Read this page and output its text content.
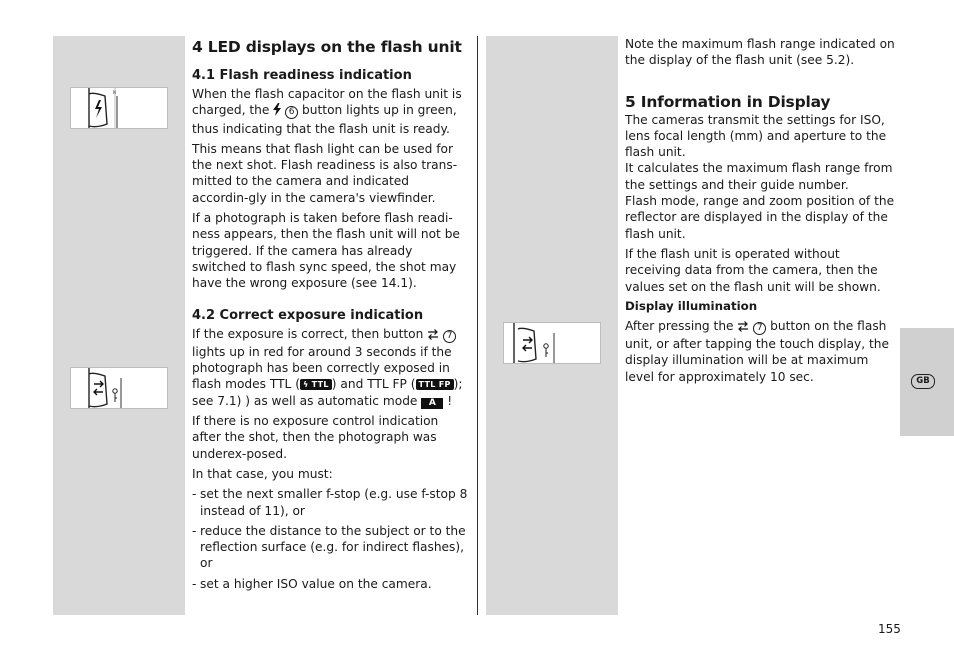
N
4 LED displays on the flash unit
4.1 Flash readiness indication

When the flash capacitor on the flash unit is charged, the 6 button lights up in green, thus indicating that the flash unit is ready.

This means that flash light can be used for the next shot. Flash readiness is also trans-mitted to the camera and indicated accordin-gly in the camera's viewfinder.

If a photograph is taken before flash readi-ness appears, then the flash unit will not be triggered. If the camera has already switched to flash sync speed, the shot may have the wrong exposure (see 14.1).

4.2 Correct exposure indication

If the exposure is correct, then button	7 lights up in red for around 3 seconds if the photograph has been correctly exposed in flash modes TTL ( ϟ TTL ) and TTL FP ( TTL FP ); see 7.1) ) as well as automatic mode A !

If there is no exposure control indication after the shot, then the photograph was underex-posed.

In that case, you must:

- set the next smaller f-stop (e.g. use f-stop 8 instead of 11), or
- reduce the distance to the subject or to the reflection surface (e.g. for indirect flashes), or
- set a higher ISO value on the camera.

Note the maximum flash range indicated on the display of the flash unit (see 5.2).

5 Information in Display

The cameras transmit the settings for ISO, lens focal length (mm) and aperture to the flash unit.

It calculates the maximum flash range from the settings and their guide number.

Flash mode, range and zoom position of the reflector are displayed in the display of the flash unit.

If the flash unit is operated without receiving data from the camera, then the values set on the flash unit will be shown.

Display illumination

After pressing the	7 button on the flash unit, or after tapping the touch display, the display illumination will be at maximum level for approximately 10 sec.	GB
155
